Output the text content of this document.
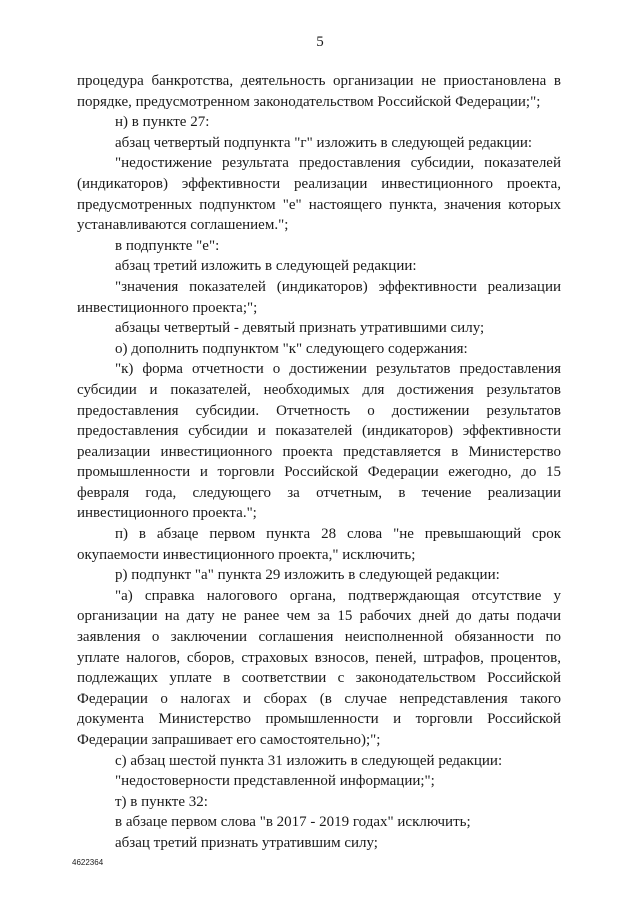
5

процедура банкротства, деятельность организации не приостановлена в порядке, предусмотренном законодательством Российской Федерации;";

н) в пункте 27:

абзац четвертый подпункта "г" изложить в следующей редакции:

"недостижение результата предоставления субсидии, показателей (индикаторов) эффективности реализации инвестиционного проекта, предусмотренных подпунктом "е" настоящего пункта, значения которых устанавливаются соглашением.";

в подпункте "е":

абзац третий изложить в следующей редакции:

"значения показателей (индикаторов) эффективности реализации инвестиционного проекта;";

абзацы четвертый - девятый признать утратившими силу;

о) дополнить подпунктом "к" следующего содержания:

"к) форма отчетности о достижении результатов предоставления субсидии и показателей, необходимых для достижения результатов предоставления субсидии. Отчетность о достижении результатов предоставления субсидии и показателей (индикаторов) эффективности реализации инвестиционного проекта представляется в Министерство промышленности и торговли Российской Федерации ежегодно, до 15 февраля года, следующего за отчетным, в течение реализации инвестиционного проекта.";

п) в абзаце первом пункта 28 слова "не превышающий срок окупаемости инвестиционного проекта," исключить;

р) подпункт "а" пункта 29 изложить в следующей редакции:

"а) справка налогового органа, подтверждающая отсутствие у организации на дату не ранее чем за 15 рабочих дней до даты подачи заявления о заключении соглашения неисполненной обязанности по уплате налогов, сборов, страховых взносов, пеней, штрафов, процентов, подлежащих уплате в соответствии с законодательством Российской Федерации о налогах и сборах (в случае непредставления такого документа Министерство промышленности и торговли Российской Федерации запрашивает его самостоятельно);";

с) абзац шестой пункта 31 изложить в следующей редакции:

"недостоверности представленной информации;";

т) в пункте 32:

в абзаце первом слова "в 2017 - 2019 годах" исключить;

абзац третий признать утратившим силу;

4622364
